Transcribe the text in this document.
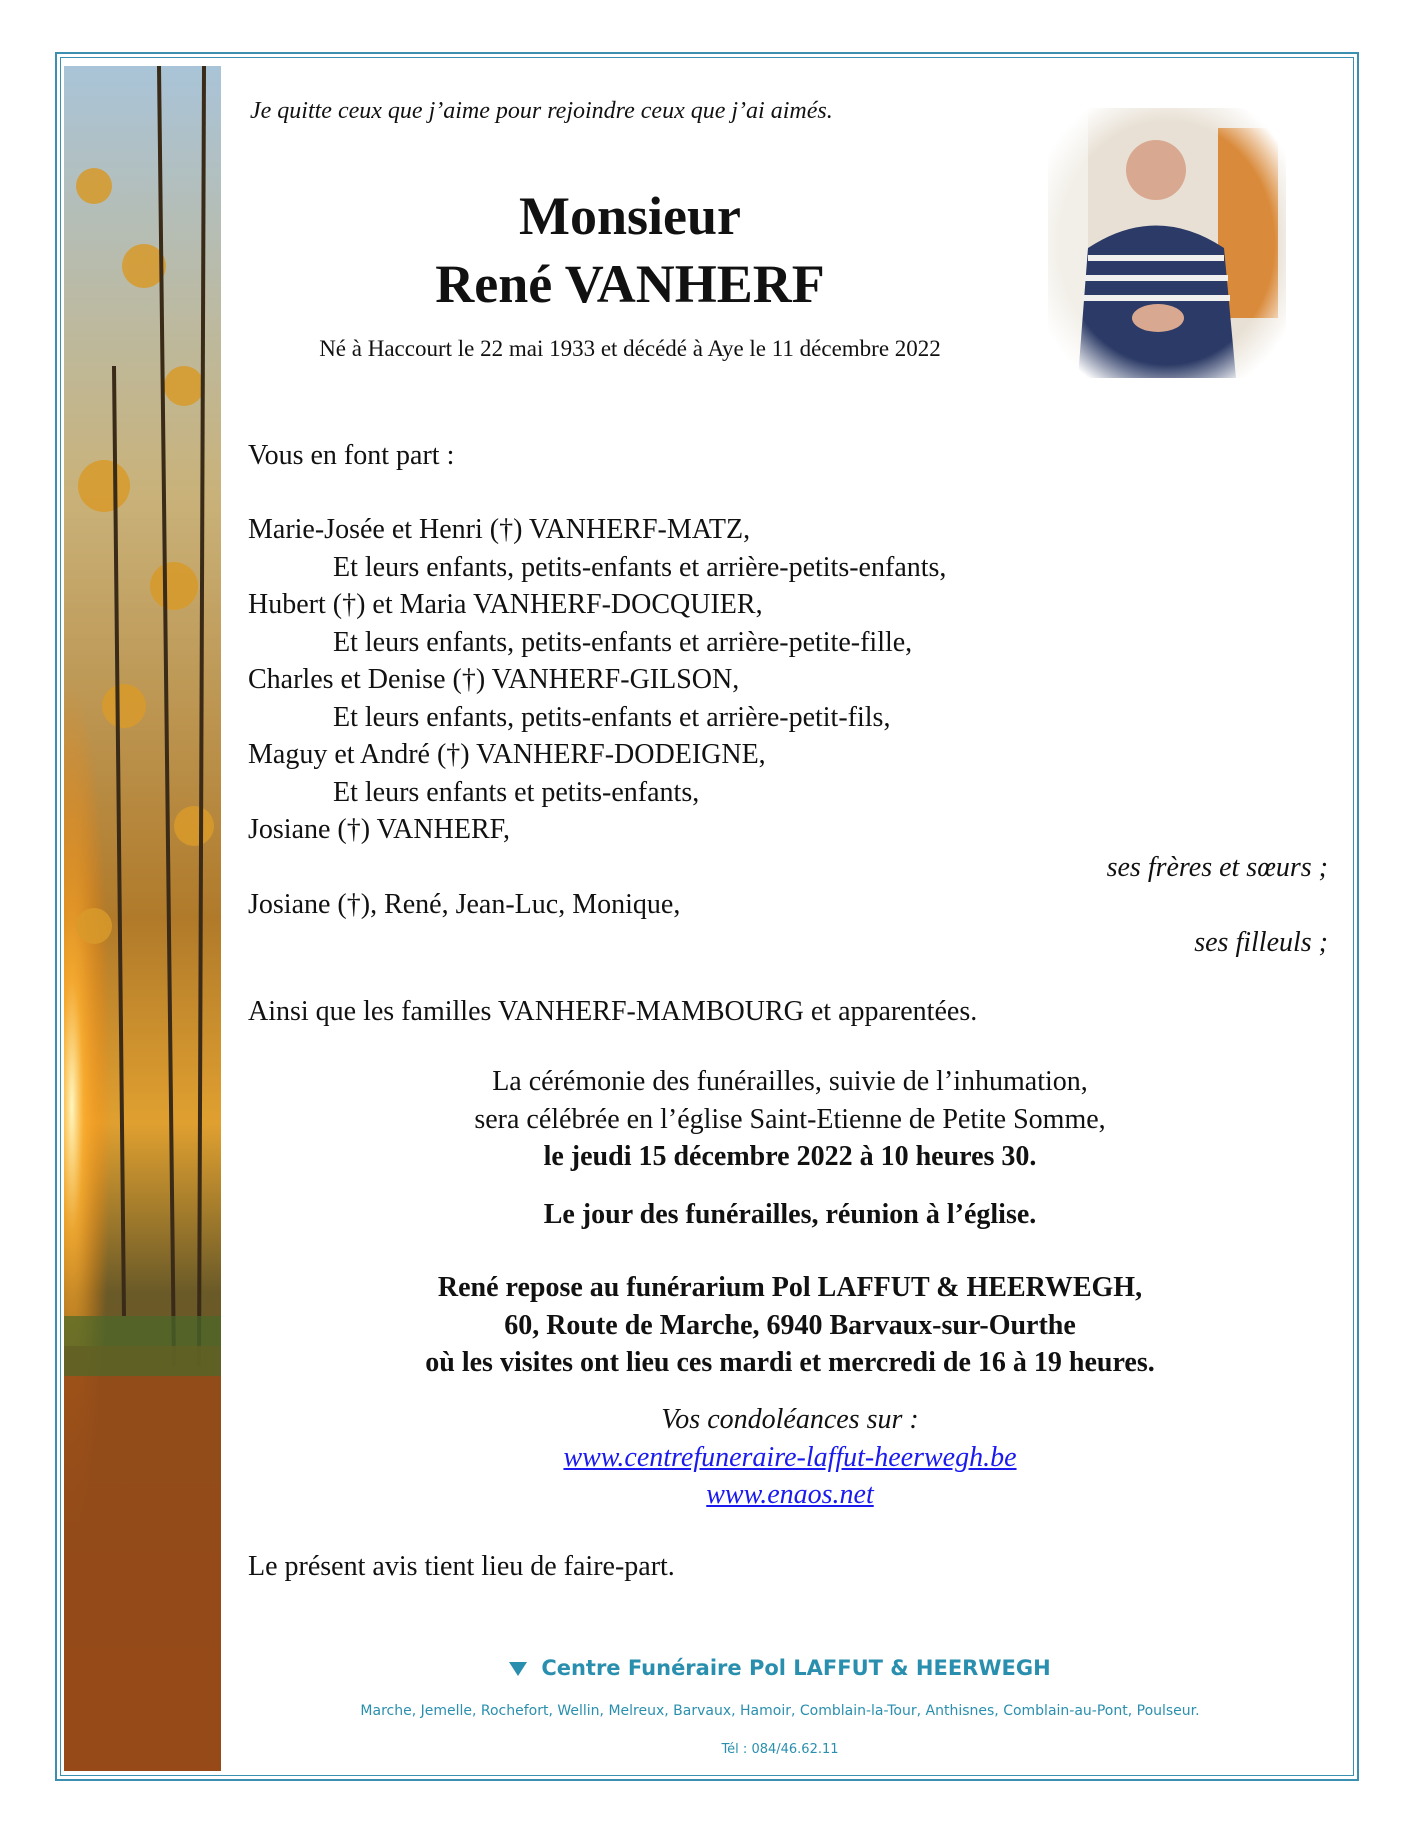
Je quitte ceux que j’aime pour rejoindre ceux que j’ai aimés.
Monsieur
René VANHERF
Né à Haccourt le 22 mai 1933 et décédé à Aye le 11 décembre 2022
Vous en font part :
Marie-Josée et Henri (†) VANHERF-MATZ,
Et leurs enfants, petits-enfants et arrière-petits-enfants,
Hubert (†) et Maria VANHERF-DOCQUIER,
Et leurs enfants, petits-enfants et arrière-petite-fille,
Charles et Denise (†) VANHERF-GILSON,
Et leurs enfants, petits-enfants et arrière-petit-fils,
Maguy et André (†) VANHERF-DODEIGNE,
Et leurs enfants et petits-enfants,
Josiane (†) VANHERF,
ses frères et sœurs ;
Josiane (†), René, Jean-Luc, Monique,
ses filleuls ;
Ainsi que les familles VANHERF-MAMBOURG et apparentées.
La cérémonie des funérailles, suivie de l’inhumation,
sera célébrée en l’église Saint-Etienne de Petite Somme,
le jeudi 15 décembre 2022 à 10 heures 30.
Le jour des funérailles, réunion à l’église.
René repose au funérarium Pol LAFFUT & HEERWEGH,
60, Route de Marche, 6940 Barvaux-sur-Ourthe
où les visites ont lieu ces mardi et mercredi de 16 à 19 heures.
Vos condoléances sur :
www.centrefuneraire-laffut-heerwegh.be
www.enaos.net
Le présent avis tient lieu de faire-part.
Centre Funéraire Pol LAFFUT & HEERWEGH
Marche, Jemelle, Rochefort, Wellin, Melreux, Barvaux, Hamoir, Comblain-la-Tour, Anthisnes, Comblain-au-Pont, Poulseur.
Tél : 084/46.62.11
